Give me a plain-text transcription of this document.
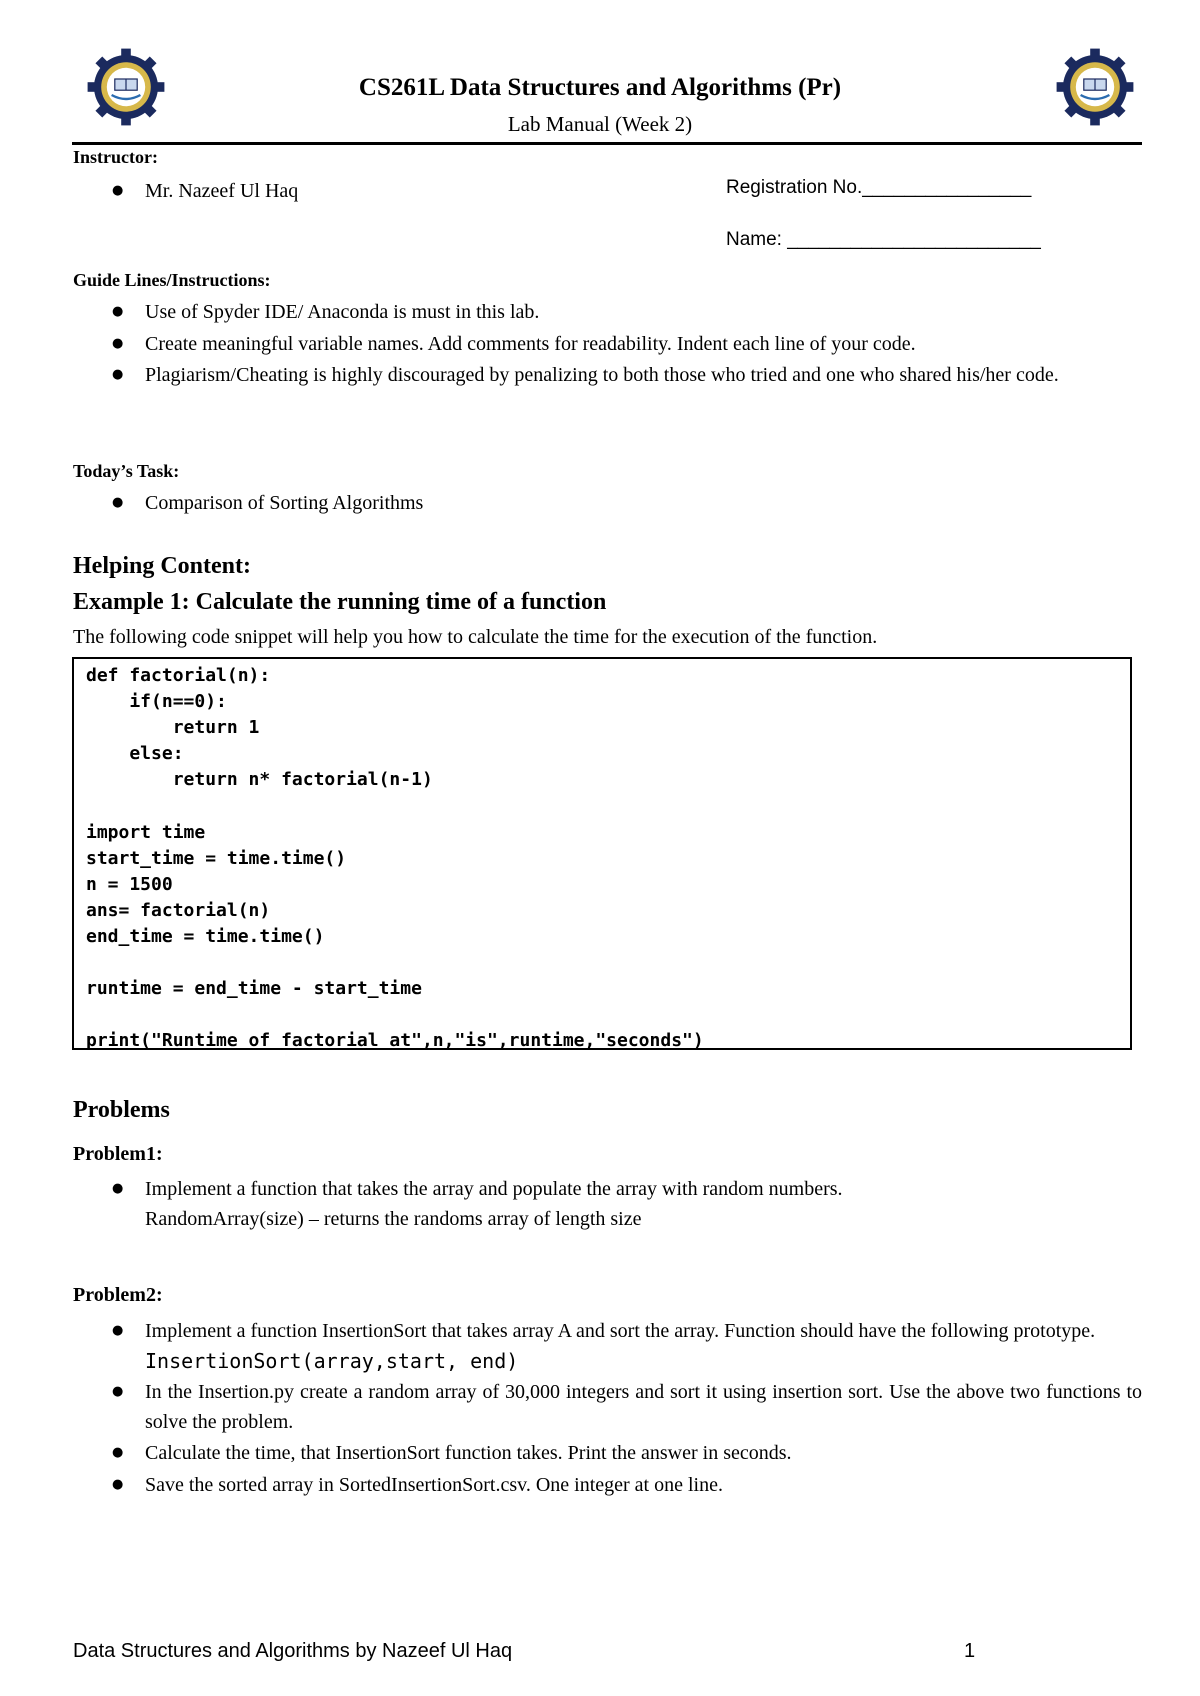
CS261L Data Structures and Algorithms (Pr)
Lab Manual (Week 2)
Instructor:
● Mr. Nazeef Ul Haq	Registration No.________________
Name: ________________________
Guide Lines/Instructions:
● Use of Spyder IDE/ Anaconda is must in this lab.
● Create meaningful variable names. Add comments for readability. Indent each line of your code.
● Plagiarism/Cheating is highly discouraged by penalizing to both those who tried and one who shared his/her code.
Today’s Task:
● Comparison of Sorting Algorithms
Helping Content:
Example 1: Calculate the running time of a function
The following code snippet will help you how to calculate the time for the execution of the function.
def factorial(n):
if(n==0):
return 1
else:
return n* factorial(n-1)

import time
start_time = time.time()
n = 1500
ans= factorial(n)
end_time = time.time()

runtime = end_time - start_time

print("Runtime of factorial at",n,"is",runtime,"seconds")
Problems
Problem1:
● Implement a function that takes the array and populate the array with random numbers.
RandomArray(size) – returns the randoms array of length size
Problem2:
● Implement a function InsertionSort that takes array A and sort the array. Function should have the following prototype.
InsertionSort(array,start, end)
● In the Insertion.py create a random array of 30,000 integers and sort it using insertion sort. Use the above two functions to solve the problem.
● Calculate the time, that InsertionSort function takes. Print the answer in seconds.
● Save the sorted array in SortedInsertionSort.csv. One integer at one line.
Data Structures and Algorithms by Nazeef Ul Haq	1
